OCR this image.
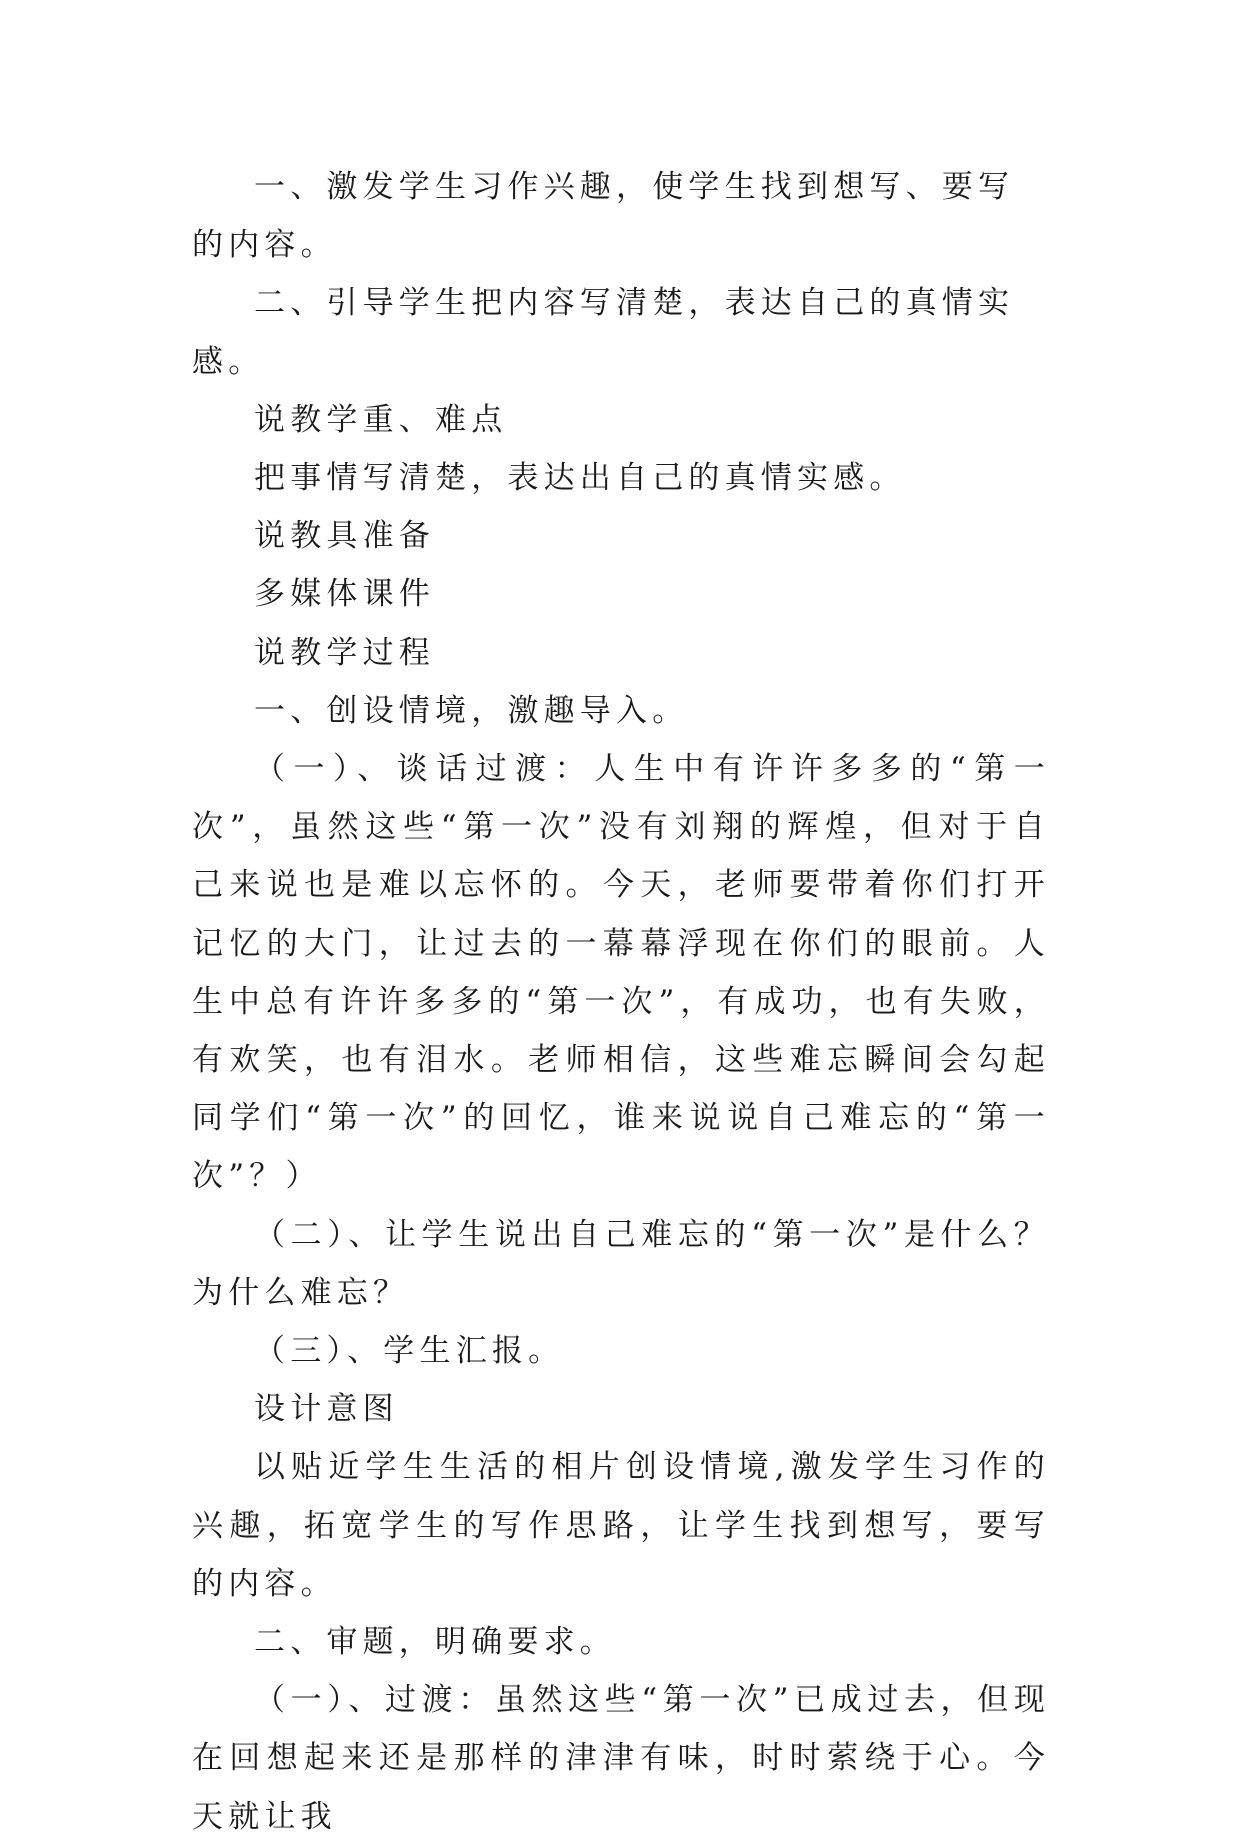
一、激发学生习作兴趣，使学生找到想写、要写的内容。

二、引导学生把内容写清楚，表达自己的真情实感。

说教学重、难点

把事情写清楚，表达出自己的真情实感。

说教具准备

多媒体课件

说教学过程

一、创设情境，激趣导入。

（一）、谈话过渡：人生中有许许多多的“第一次”，虽然这些“第一次”没有刘翔的辉煌，但对于自己来说也是难以忘怀的。今天，老师要带着你们打开记忆的大门，让过去的一幕幕浮现在你们的眼前。人生中总有许许多多的“第一次”，有成功，也有失败，有欢笑，也有泪水。老师相信，这些难忘瞬间会勾起同学们“第一次”的回忆，谁来说说自己难忘的“第一次”？）

（二）、让学生说出自己难忘的“第一次”是什么？为什么难忘？

（三）、学生汇报。

设计意图

以贴近学生生活的相片创设情境,激发学生习作的兴趣，拓宽学生的写作思路，让学生找到想写，要写的内容。

二、审题，明确要求。

（一）、过渡：虽然这些“第一次”已成过去，但现在回想起来还是那样的津津有味，时时萦绕于心。今天就让我
